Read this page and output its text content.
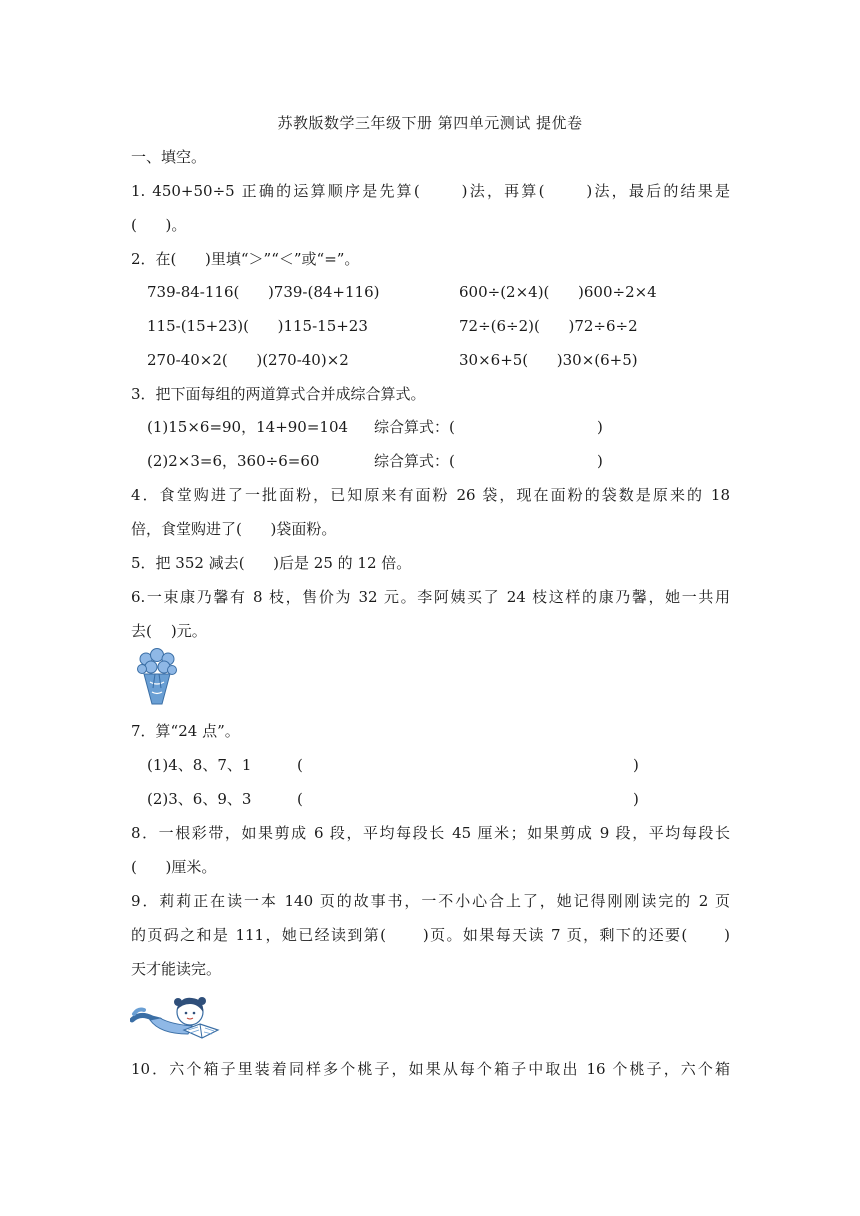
苏教版数学三年级下册 第四单元测试 提优卷
一、填空。
1. 450+50÷5 正确的运算顺序是先算(      )法，再算(      )法，最后的结果是
(      )。
2．在(      )里填“＞”“＜”或“=”。
739-84-116(      )739-(84+116)	600÷(2×4)(      )600÷2×4
115-(15+23)(      )115-15+23	72÷(6÷2)(      )72÷6÷2
270-40×2(      )(270-40)×2	30×6+5(      )30×(6+5)
3．把下面每组的两道算式合并成综合算式。
(1)15×6=90，14+90=104 综合算式：(	)
(2)2×3=6，360÷6=60	综合算式：(	)
4．食堂购进了一批面粉，已知原来有面粉 26 袋，现在面粉的袋数是原来的 18
倍，食堂购进了(      )袋面粉。
5．把 352 减去(      )后是 25 的 12 倍。
6.一束康乃馨有 8 枝，售价为 32 元。李阿姨买了 24 枝这样的康乃馨，她一共用
去(    )元。
7．算“24 点”。
(1)4、8、7、1	(	)
(2)3、6、9、3	(	)
8．一根彩带，如果剪成 6 段，平均每段长 45 厘米；如果剪成 9 段，平均每段长
(      )厘米。
9．莉莉正在读一本 140 页的故事书，一不小心合上了，她记得刚刚读完的 2 页
的页码之和是 111，她已经读到第(      )页。如果每天读 7 页，剩下的还要(      )
天才能读完。
10．六个箱子里装着同样多个桃子，如果从每个箱子中取出 16 个桃子，六个箱
